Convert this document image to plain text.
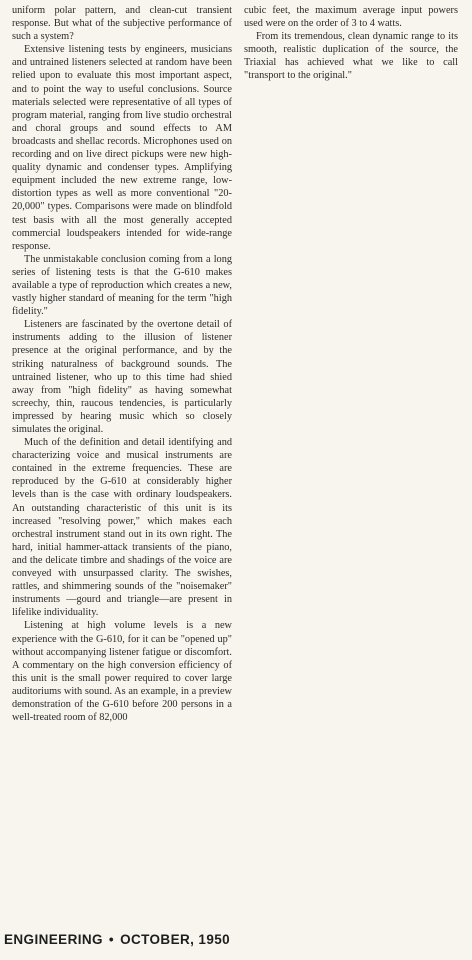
uniform polar pattern, and clean-cut transient response. But what of the subjective performance of such a system?

Extensive listening tests by engineers, musicians and untrained listeners selected at random have been relied upon to evaluate this most important aspect, and to point the way to useful conclusions. Source materials selected were representative of all types of program material, ranging from live studio orchestral and choral groups and sound effects to AM broadcasts and shellac records. Microphones used on recording and on live direct pickups were new high-quality dynamic and condenser types. Amplifying equipment included the new extreme range, low-distortion types as well as more conventional "20-20,000" types. Comparisons were made on blindfold test basis with all the most generally accepted commercial loudspeakers intended for wide-range response.

The unmistakable conclusion coming from a long series of listening tests is that the G-610 makes available a type of reproduction which creates a new, vastly higher standard of meaning for the term "high fidelity."

Listeners are fascinated by the overtone detail of instruments adding to the illusion of listener presence at the original performance, and by the striking naturalness of background sounds. The untrained listener, who up to this time had shied away from "high fidelity" as having somewhat screechy, thin, raucous tendencies, is particularly impressed by hearing music which so closely simulates the original.

Much of the definition and detail identifying and characterizing voice and musical instruments are contained in the extreme frequencies. These are reproduced by the G-610 at considerably higher levels than is the case with ordinary loudspeakers. An outstanding characteristic of this unit is its increased "resolving power," which makes each orchestral instrument stand out in its own right. The hard, initial hammer-attack transients of the piano, and the delicate timbre and shadings of the voice are conveyed with unsurpassed clarity. The swishes, rattles, and shimmering sounds of the "noisemaker" instruments —gourd and triangle—are present in lifelike individuality.

Listening at high volume levels is a new experience with the G-610, for it can be "opened up" without accompanying listener fatigue or discomfort. A commentary on the high conversion efficiency of this unit is the small power required to cover large auditoriums with sound. As an example, in a preview demonstration of the G-610 before 200 persons in a well-treated room of 82,000

cubic feet, the maximum average input powers used were on the order of 3 to 4 watts.

From its tremendous, clean dynamic range to its smooth, realistic duplication of the source, the Triaxial has achieved what we like to call "transport to the original."

ENGINEERING • OCTOBER, 1950
